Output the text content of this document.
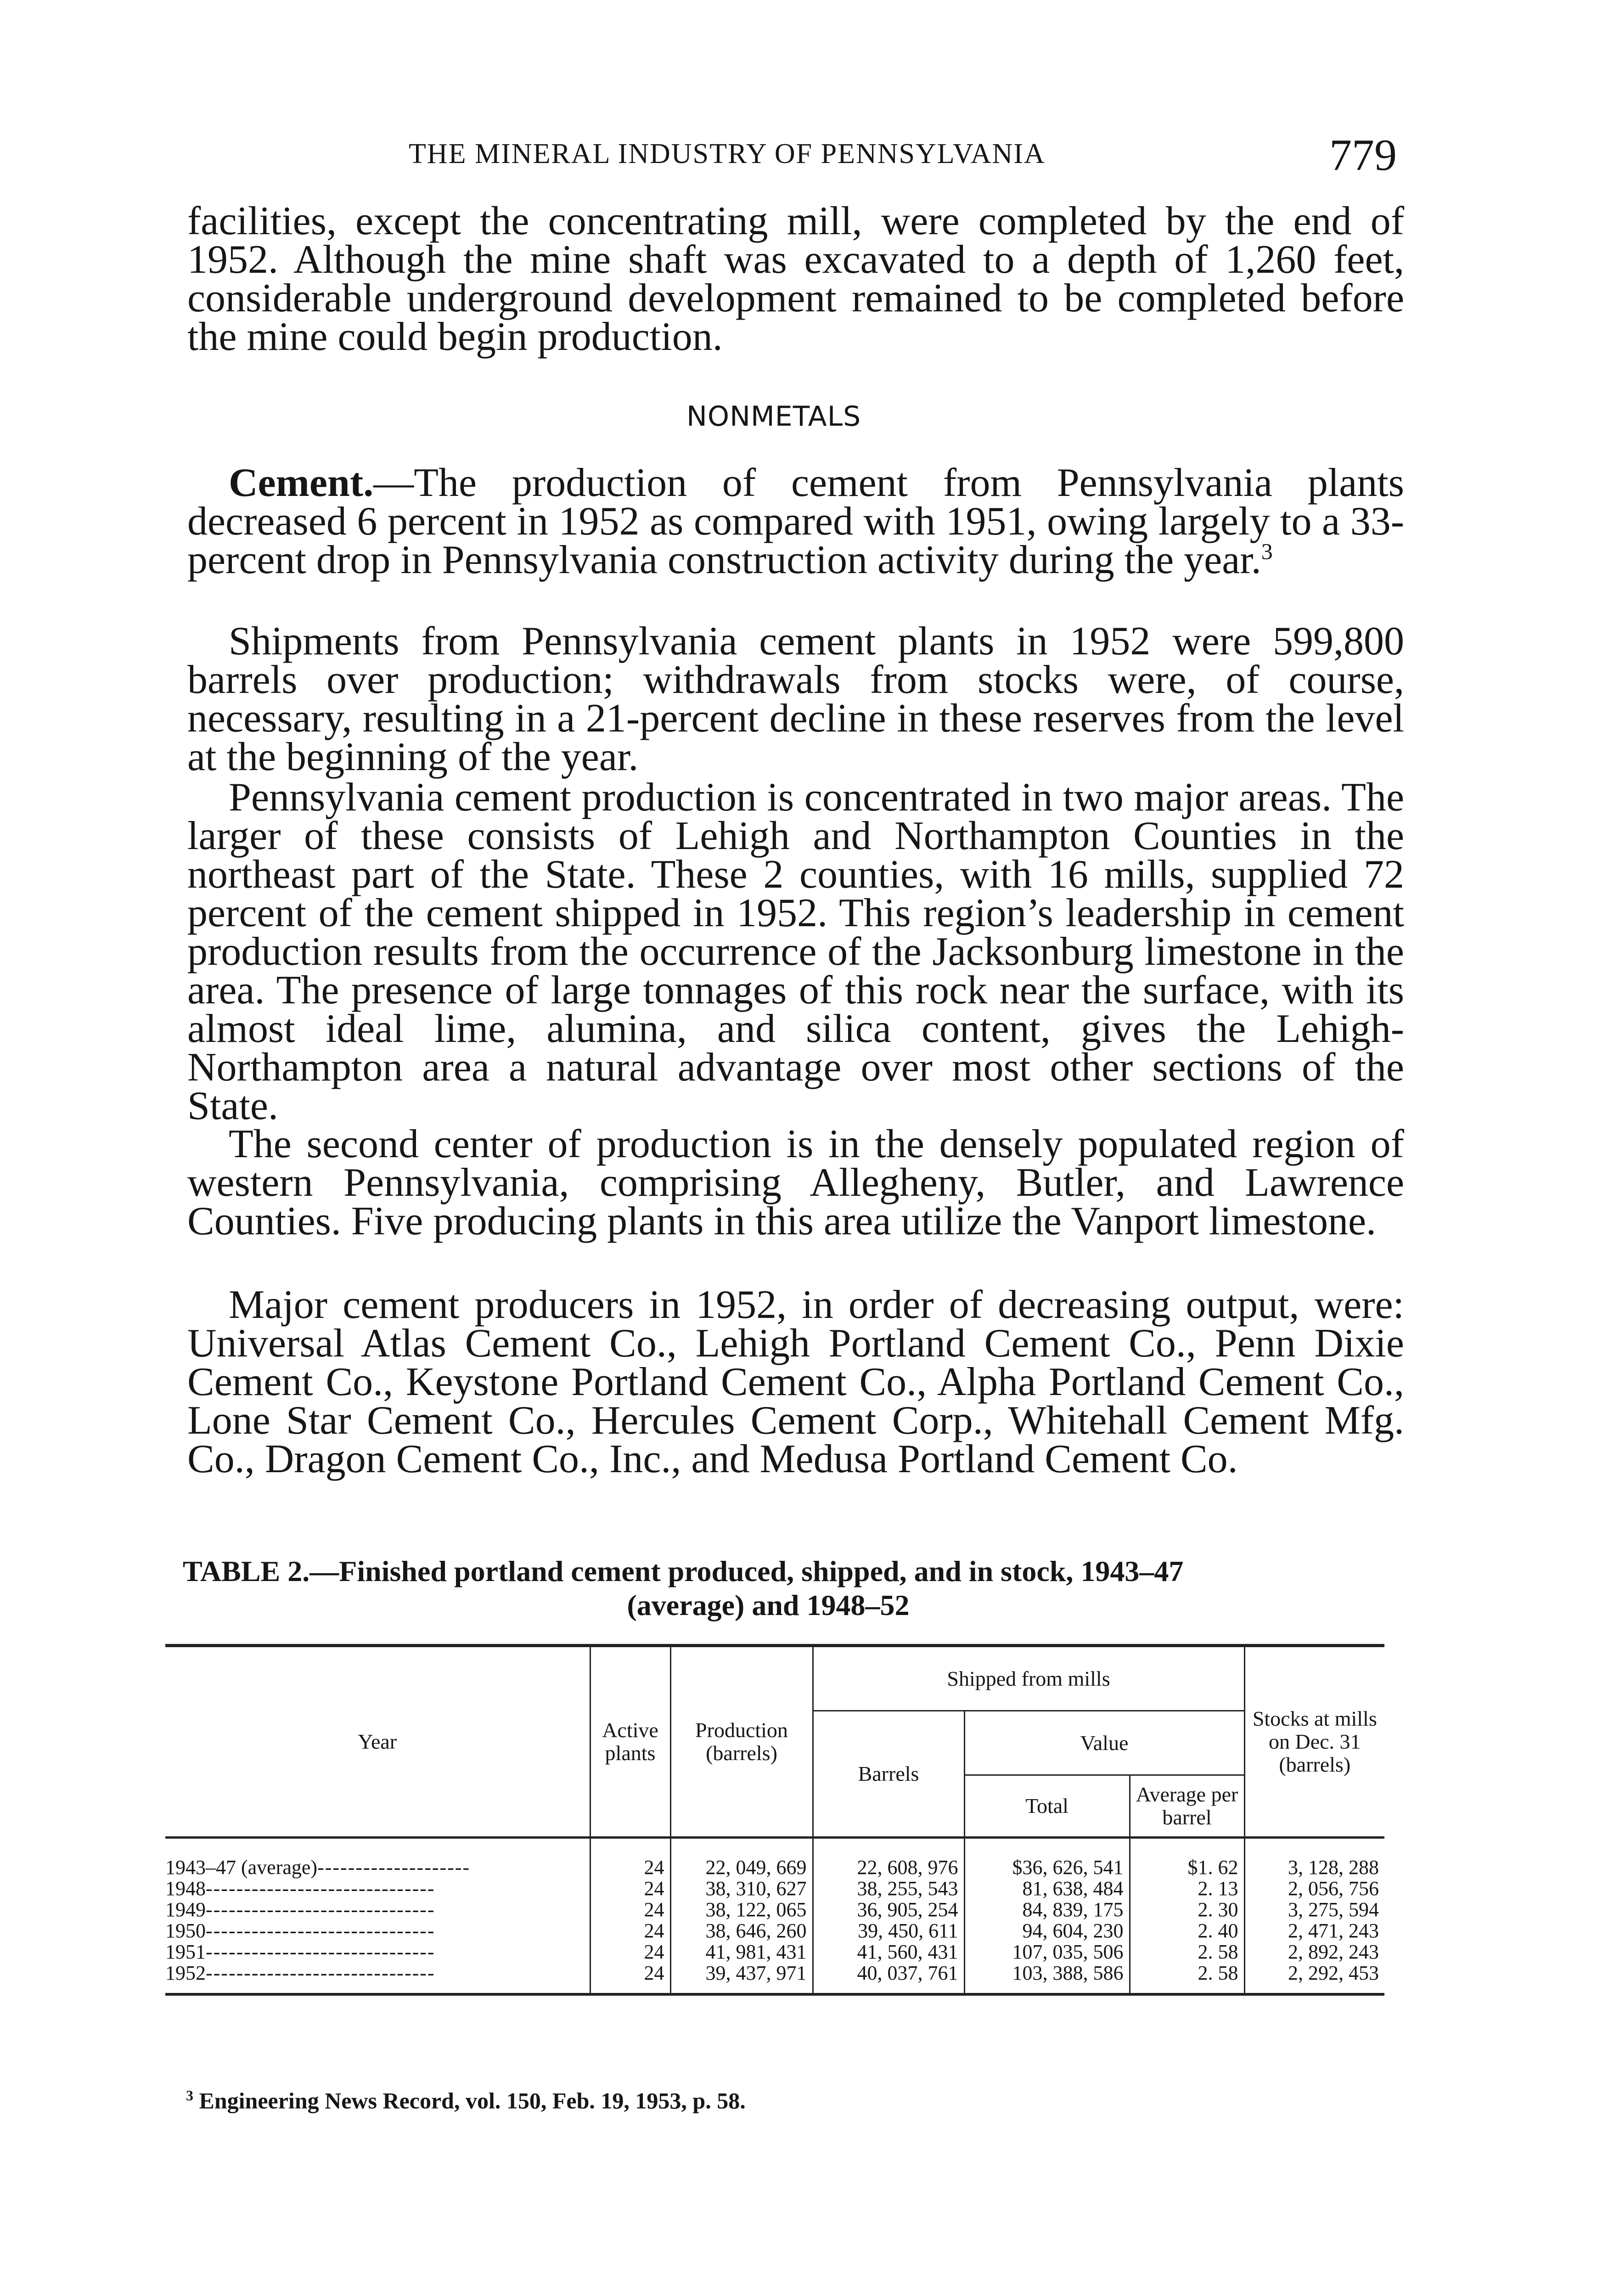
THE MINERAL INDUSTRY OF PENNSYLVANIA	779

facilities, except the concentrating mill, were completed by the end of 1952. Although the mine shaft was excavated to a depth of 1,260 feet, considerable underground development remained to be completed before the mine could begin production.

NONMETALS

Cement.—The production of cement from Pennsylvania plants decreased 6 percent in 1952 as compared with 1951, owing largely to a 33-percent drop in Pennsylvania construction activity during the year.$^3$

Shipments from Pennsylvania cement plants in 1952 were 599,800 barrels over production; withdrawals from stocks were, of course, necessary, resulting in a 21-percent decline in these reserves from the level at the beginning of the year.

Pennsylvania cement production is concentrated in two major areas. The larger of these consists of Lehigh and Northampton Counties in the northeast part of the State. These 2 counties, with 16 mills, supplied 72 percent of the cement shipped in 1952. This region’s leadership in cement production results from the occurrence of the Jacksonburg limestone in the area. The presence of large tonnages of this rock near the surface, with its almost ideal lime, alumina, and silica content, gives the Lehigh-Northampton area a natural advantage over most other sections of the State.

The second center of production is in the densely populated region of western Pennsylvania, comprising Allegheny, Butler, and Lawrence Counties. Five producing plants in this area utilize the Vanport limestone.

Major cement producers in 1952, in order of decreasing output, were: Universal Atlas Cement Co., Lehigh Portland Cement Co., Penn Dixie Cement Co., Keystone Portland Cement Co., Alpha Portland Cement Co., Lone Star Cement Co., Hercules Cement Corp., Whitehall Cement Mfg. Co., Dragon Cement Co., Inc., and Medusa Portland Cement Co.

TABLE 2.—Finished portland cement produced, shipped, and in stock, 1943–47
(average) and 1948–52
Year	Active plants	Production (barrels)	Shipped from mills			Stocks at mills on Dec. 31 (barrels)
			Barrels	Value		
				Total	Average per barrel	
1943–47 (average)--------------------	24	22, 049, 669	22, 608, 976	$36, 626, 541	$1. 62	3, 128, 288
1948------------------------------	24	38, 310, 627	38, 255, 543	81, 638, 484	2. 13	2, 056, 756
1949------------------------------	24	38, 122, 065	36, 905, 254	84, 839, 175	2. 30	3, 275, 594
1950------------------------------	24	38, 646, 260	39, 450, 611	94, 604, 230	2. 40	2, 471, 243
1951------------------------------	24	41, 981, 431	41, 560, 431	107, 035, 506	2. 58	2, 892, 243
1952------------------------------	24	39, 437, 971	40, 037, 761	103, 388, 586	2. 58	2, 292, 453
$^3$ Engineering News Record, vol. 150, Feb. 19, 1953, p. 58.
